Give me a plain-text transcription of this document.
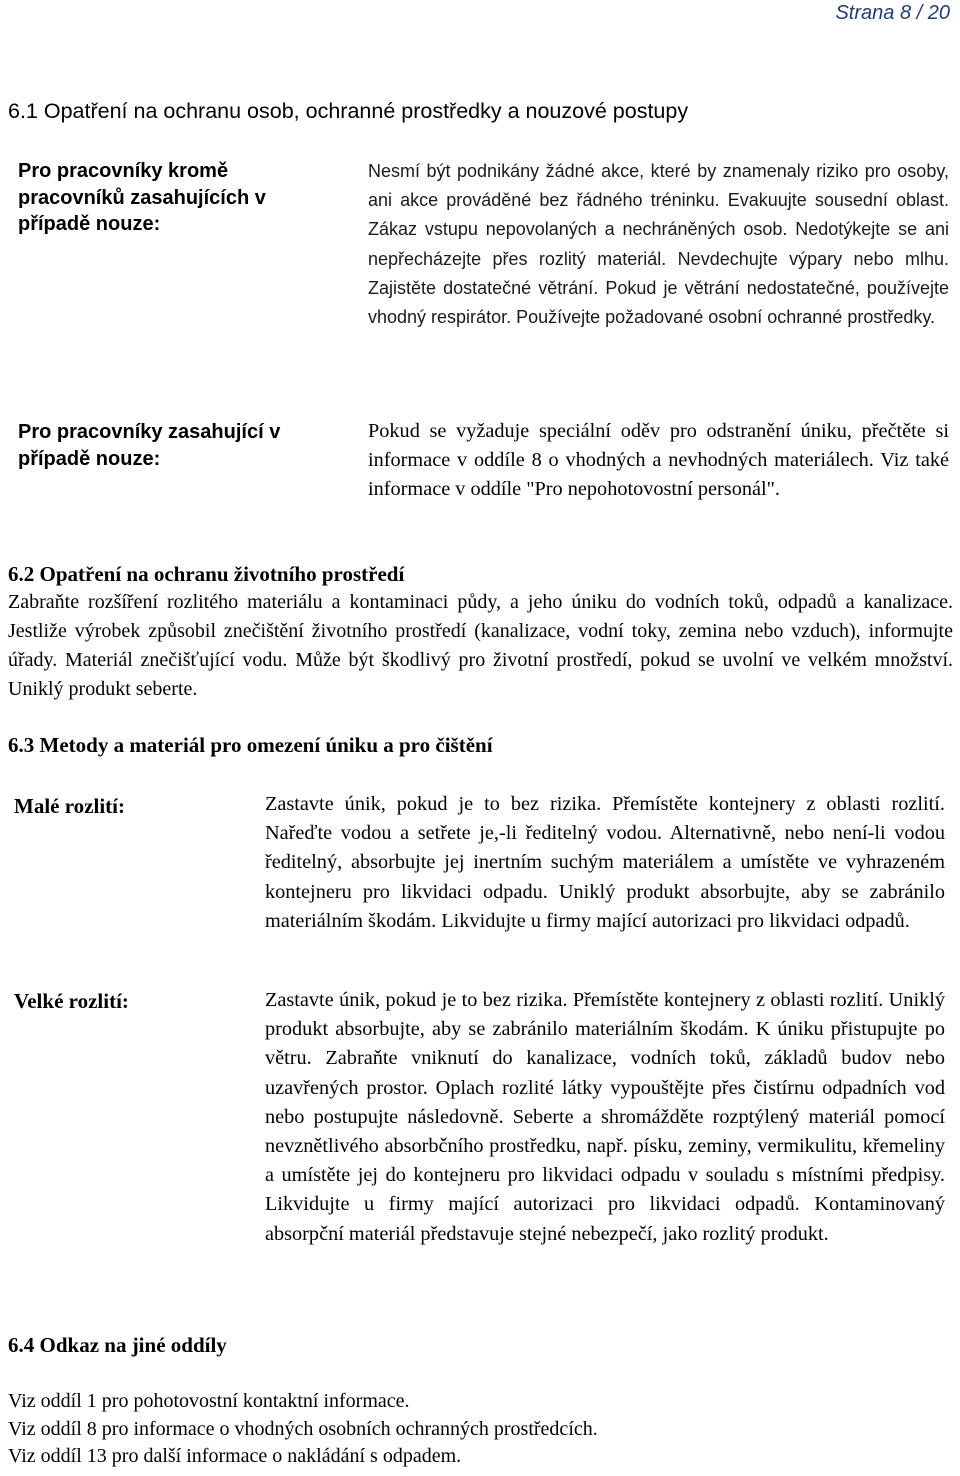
Strana 8 / 20
6.1 Opatření na ochranu osob, ochranné prostředky a nouzové postupy
Pro pracovníky kromě pracovníků zasahujících v případě nouze:
Nesmí být podnikány žádné akce, které by znamenaly riziko pro osoby, ani akce prováděné bez řádného tréninku. Evakuujte sousední oblast. Zákaz vstupu nepovolaných a nechráněných osob. Nedotýkejte se ani nepřecházejte přes rozlitý materiál. Nevdechujte výpary nebo mlhu. Zajistěte dostatečné větrání. Pokud je větrání nedostatečné, používejte vhodný respirátor. Používejte požadované osobní ochranné prostředky.
Pro pracovníky zasahující v případě nouze:
Pokud se vyžaduje speciální oděv pro odstranění úniku, přečtěte si informace v oddíle 8 o vhodných a nevhodných materiálech. Viz také informace v oddíle "Pro nepohotovostní personál".
6.2 Opatření na ochranu životního prostředí
Zabraňte rozšíření rozlitého materiálu a kontaminaci půdy, a jeho úniku do vodních toků, odpadů a kanalizace. Jestliže výrobek způsobil znečištění životního prostředí (kanalizace, vodní toky, zemina nebo vzduch), informujte úřady. Materiál znečišťující vodu. Může být škodlivý pro životní prostředí, pokud se uvolní ve velkém množství. Uniklý produkt seberte.
6.3 Metody a materiál pro omezení úniku a pro čištění
Malé rozlití:	Zastavte únik, pokud je to bez rizika. Přemístěte kontejnery z oblasti rozlití. Nařeďte vodou a setřete je,-li ředitelný vodou. Alternativně, nebo není-li vodou ředitelný, absorbujte jej inertním suchým materiálem a umístěte ve vyhrazeném kontejneru pro likvidaci odpadu. Uniklý produkt absorbujte, aby se zabránilo materiálním škodám. Likvidujte u firmy mající autorizaci pro likvidaci odpadů.
Velké rozlití:	Zastavte únik, pokud je to bez rizika. Přemístěte kontejnery z oblasti rozlití. Uniklý produkt absorbujte, aby se zabránilo materiálním škodám. K úniku přistupujte po větru. Zabraňte vniknutí do kanalizace, vodních toků, základů budov nebo uzavřených prostor. Oplach rozlité látky vypouštějte přes čistírnu odpadních vod nebo postupujte následovně. Seberte a shromážděte rozptýlený materiál pomocí nevznětlivého absorbčního prostředku, např. písku, zeminy, vermikulitu, křemeliny a umístěte jej do kontejneru pro likvidaci odpadu v souladu s místními předpisy. Likvidujte u firmy mající autorizaci pro likvidaci odpadů. Kontaminovaný absorpční materiál představuje stejné nebezpečí, jako rozlitý produkt.
6.4 Odkaz na jiné oddíly
Viz oddíl 1 pro pohotovostní kontaktní informace.
Viz oddíl 8 pro informace o vhodných osobních ochranných prostředcích.
Viz oddíl 13 pro další informace o nakládání s odpadem.
